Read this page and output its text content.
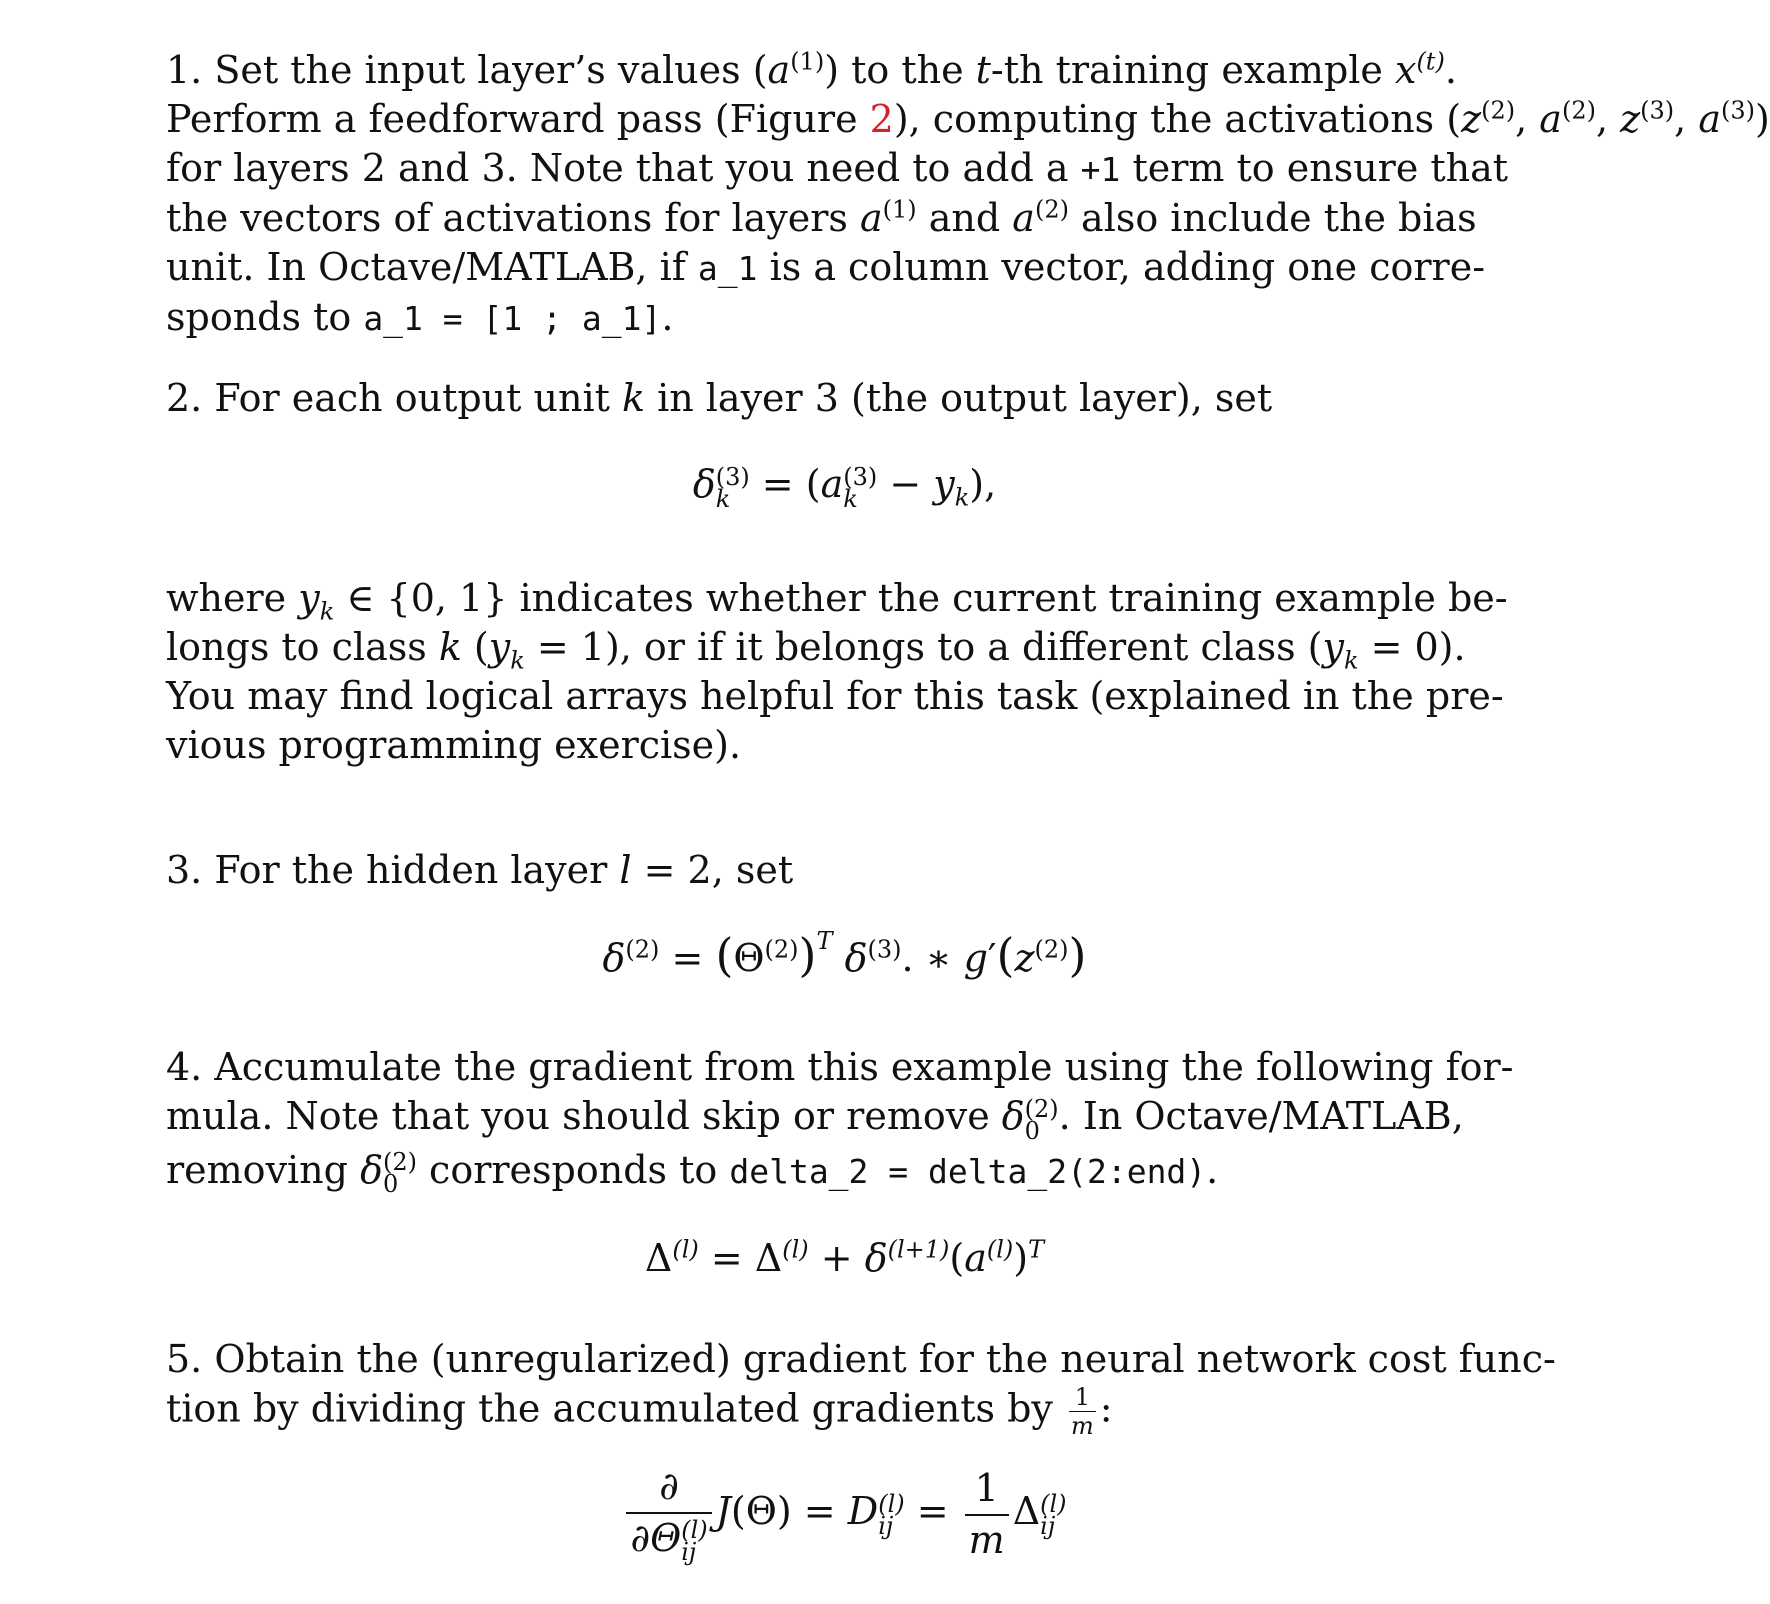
1. Set the input layer’s values $(a^{(1)})$ to the t-th training example $x^{(t)}$.
Perform a feedforward pass (Figure 2), computing the activations ($z^{(2)}$, $a^{(2)}$, $z^{(3)}$, $a^{(3)}$)
for layers 2 and 3. Note that you need to add a +1 term to ensure that
the vectors of activations for layers $a^{(1)}$ and $a^{(2)}$ also include the bias
unit. In Octave/MATLAB, if a_1 is a column vector, adding one corre-
sponds to a_1 = [1 ; a_1].
2. For each output unit k in layer 3 (the output layer), set
δ (3)
k = (a (3)
$k - y_k$),
where $y_k$ ∈ {0, 1} indicates whether the current training example be-
longs to class k $(y_k = 1)$, or if it belongs to a different class $(y_k = 0)$.
You may find logical arrays helpful for this task (explained in the pre-
vious programming exercise).
3. For the hidden layer l = 2, set
$\delta^{(2)} = (\Theta^{(2)})^T$ $\delta^{(3)}$. ∗ $g'(z^{(2)})$
4. Accumulate the gradient from this example using the following for-
mula. Note that you should skip or remove δ (2)
0 . In Octave/MATLAB,
removing δ (2)
0 corresponds to delta_2 = delta_2(2:end).
$\Delta^{(l)} = \Delta^{(l)} + \delta^{(l+1)}(a^{(l)})^T$
5. Obtain the (unregularized) gradient for the neural network cost func-
tion by dividing the accumulated gradients by $\frac{1}{m}$ :
∂
∂Θ (l)
ij J(Θ) = D (l)
ij = $\frac{1}{m}$ Δ (l)
ij
